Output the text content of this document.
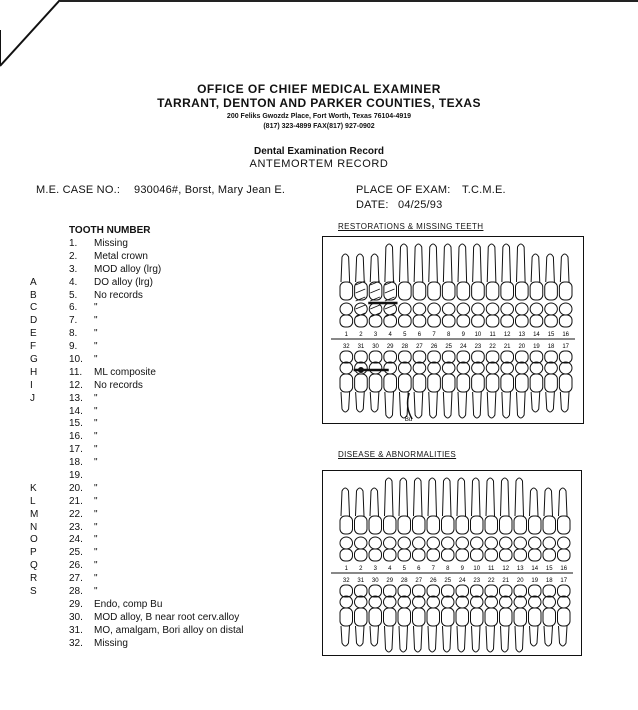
OFFICE OF CHIEF MEDICAL EXAMINER
TARRANT, DENTON AND PARKER COUNTIES, TEXAS
200 Feliks Gwozdz Place, Fort Worth, Texas 76104-4919
(817) 323-4899 FAX(817) 927-0902
Dental Examination Record
ANTEMORTEM RECORD
M.E. CASE NO.: 930046#, Borst, Mary Jean E.	PLACE OF EXAM: T.C.M.E.
DATE: 04/25/93
TOOTH NUMBER
1.	Missing
2.	Metal crown
3.	MOD alloy (lrg)
A	4.	DO alloy (lrg)
B	5.	No records
C	6.	"
D	7.	"
E	8.	"
F	9.	"
G	10.	"
H	11.	ML composite
I	12.	No records
J	13.	"
14.	"
15.	"
16.	"
17.	"
18.	"
19.
K	20.	"
L	21.	"
M	22.	"
N	23.	"
O	24.	"
P	25.	"
Q	26.	"
R	27.	"
S	28.	"
29.	Endo, comp Bu
30.	MOD alloy, B near root cerv.alloy
31.	MO, amalgam, Bori alloy on distal
32.	Missing
RESTORATIONS & MISSING TEETH
1 2 3 4 5 6 7 8 9 10 11 12 13 14 15 16
32 31 30 29 28 27 26 25 24 23 22 21 20 19 18 17
Bu
DISEASE & ABNORMALITIES
1 2 3 4 5 6 7 8 9 10 11 12 13 14 15 16
32 31 30 29 28 27 26 25 24 23 22 21 20 19 18 17
